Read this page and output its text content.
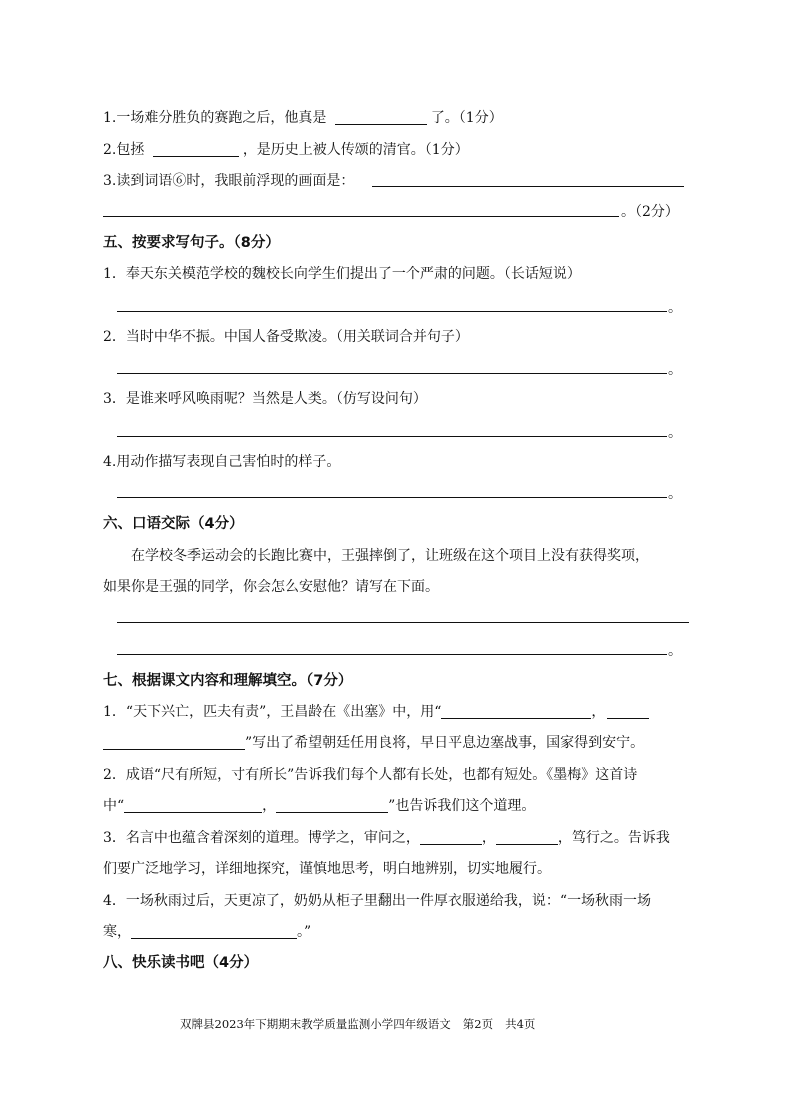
1.一场难分胜负的赛跑之后，他真是	了。（1分）
2.包拯	，是历史上被人传颂的清官。（1分）
3.读到词语⑥时，我眼前浮现的画面是：
。（2分）
五、按要求写句子。（8分）
1．奉天东关模范学校的魏校长向学生们提出了一个严肃的问题。（长话短说）
。
2．当时中华不振。中国人备受欺凌。（用关联词合并句子）
。
3．是谁来呼风唤雨呢？当然是人类。（仿写设问句）
。
4.用动作描写表现自己害怕时的样子。
。
六、口语交际（4分）
在学校冬季运动会的长跑比赛中，王强摔倒了，让班级在这个项目上没有获得奖项，
如果你是王强的同学，你会怎么安慰他？请写在下面。
。
七、根据课文内容和理解填空。（7分）
1．“天下兴亡，匹夫有责”，王昌龄在《出塞》中，用“	，
”写出了希望朝廷任用良将，早日平息边塞战事，国家得到安宁。
2．成语“尺有所短，寸有所长”告诉我们每个人都有长处，也都有短处。《墨梅》这首诗
中“	，	”也告诉我们这个道理。
3．名言中也蕴含着深刻的道理。博学之，审问之，	，	，笃行之。告诉我
们要广泛地学习，详细地探究，谨慎地思考，明白地辨别，切实地履行。
4．一场秋雨过后，天更凉了，奶奶从柜子里翻出一件厚衣服递给我，说：“一场秋雨一场
寒，	。”
八、快乐读书吧（4分）
双牌县2023年下期期末教学质量监测小学四年级语文 第2页 共4页
